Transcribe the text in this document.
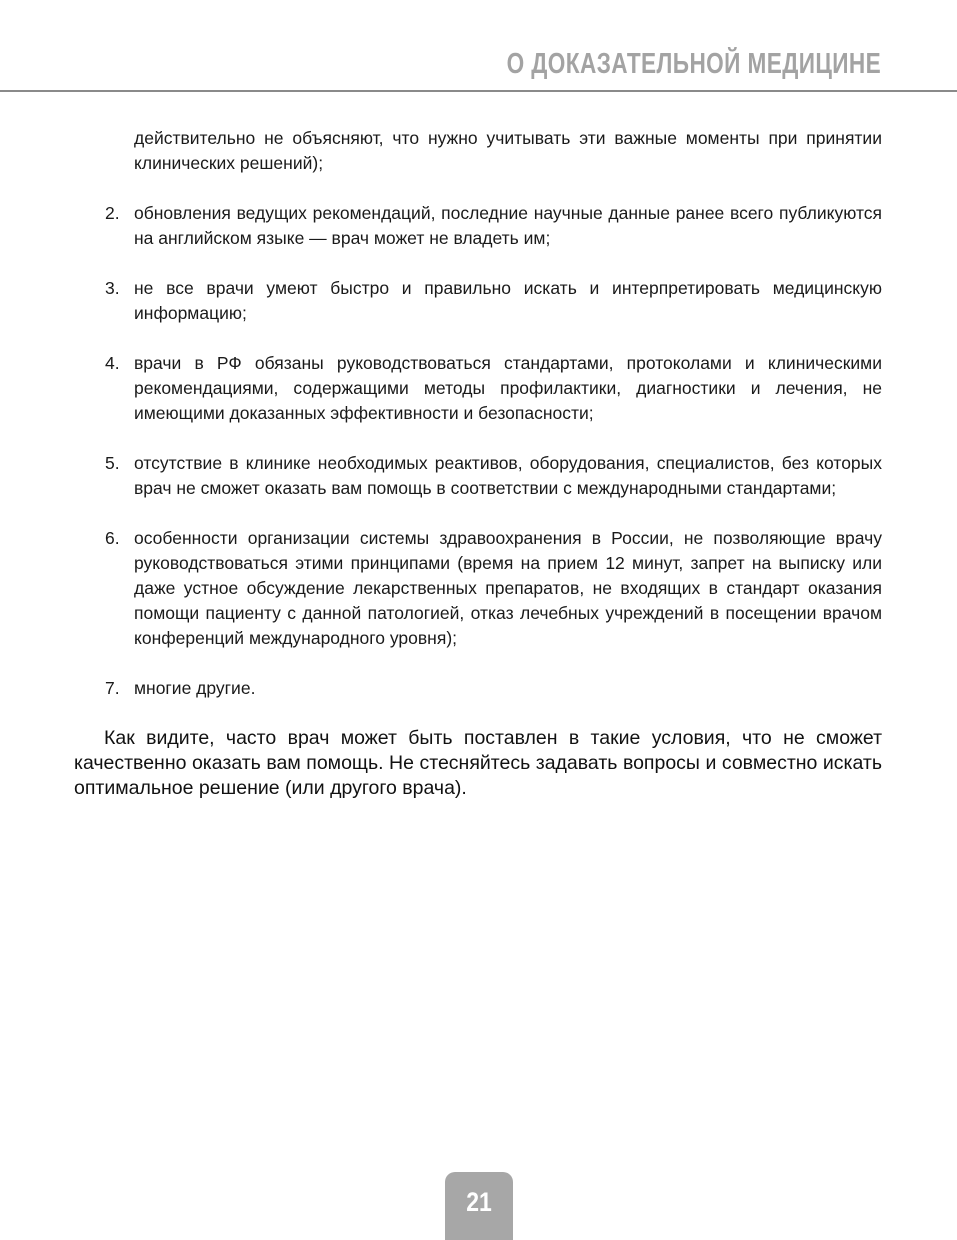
О ДОКАЗАТЕЛЬНОЙ МЕДИЦИНЕ

действительно не объясняют, что нужно учитывать эти важные моменты при принятии клинических решений);

2. обновления ведущих рекомендаций, последние научные данные ранее всего публикуются на английском языке — врач может не владеть им;
3. не все врачи умеют быстро и правильно искать и интерпретировать медицинскую информацию;
4. врачи в РФ обязаны руководствоваться стандартами, протоколами и клиническими рекомендациями, содержащими методы профилактики, диагностики и лечения, не имеющими доказанных эффективности и безопасности;
5. отсутствие в клинике необходимых реактивов, оборудования, специалистов, без которых врач не сможет оказать вам помощь в соответствии с международными стандартами;
6. особенности организации системы здравоохранения в России, не позволяющие врачу руководствоваться этими принципами (время на прием 12 минут, запрет на выписку или даже устное обсуждение лекарственных препаратов, не входящих в стандарт оказания помощи пациенту с данной патологией, отказ лечебных учреждений в посещении врачом конференций международного уровня);
7. многие другие.

Как видите, часто врач может быть поставлен в такие условия, что не сможет качественно оказать вам помощь. Не стесняйтесь задавать вопросы и совместно искать оптимальное решение (или другого врача).

21
